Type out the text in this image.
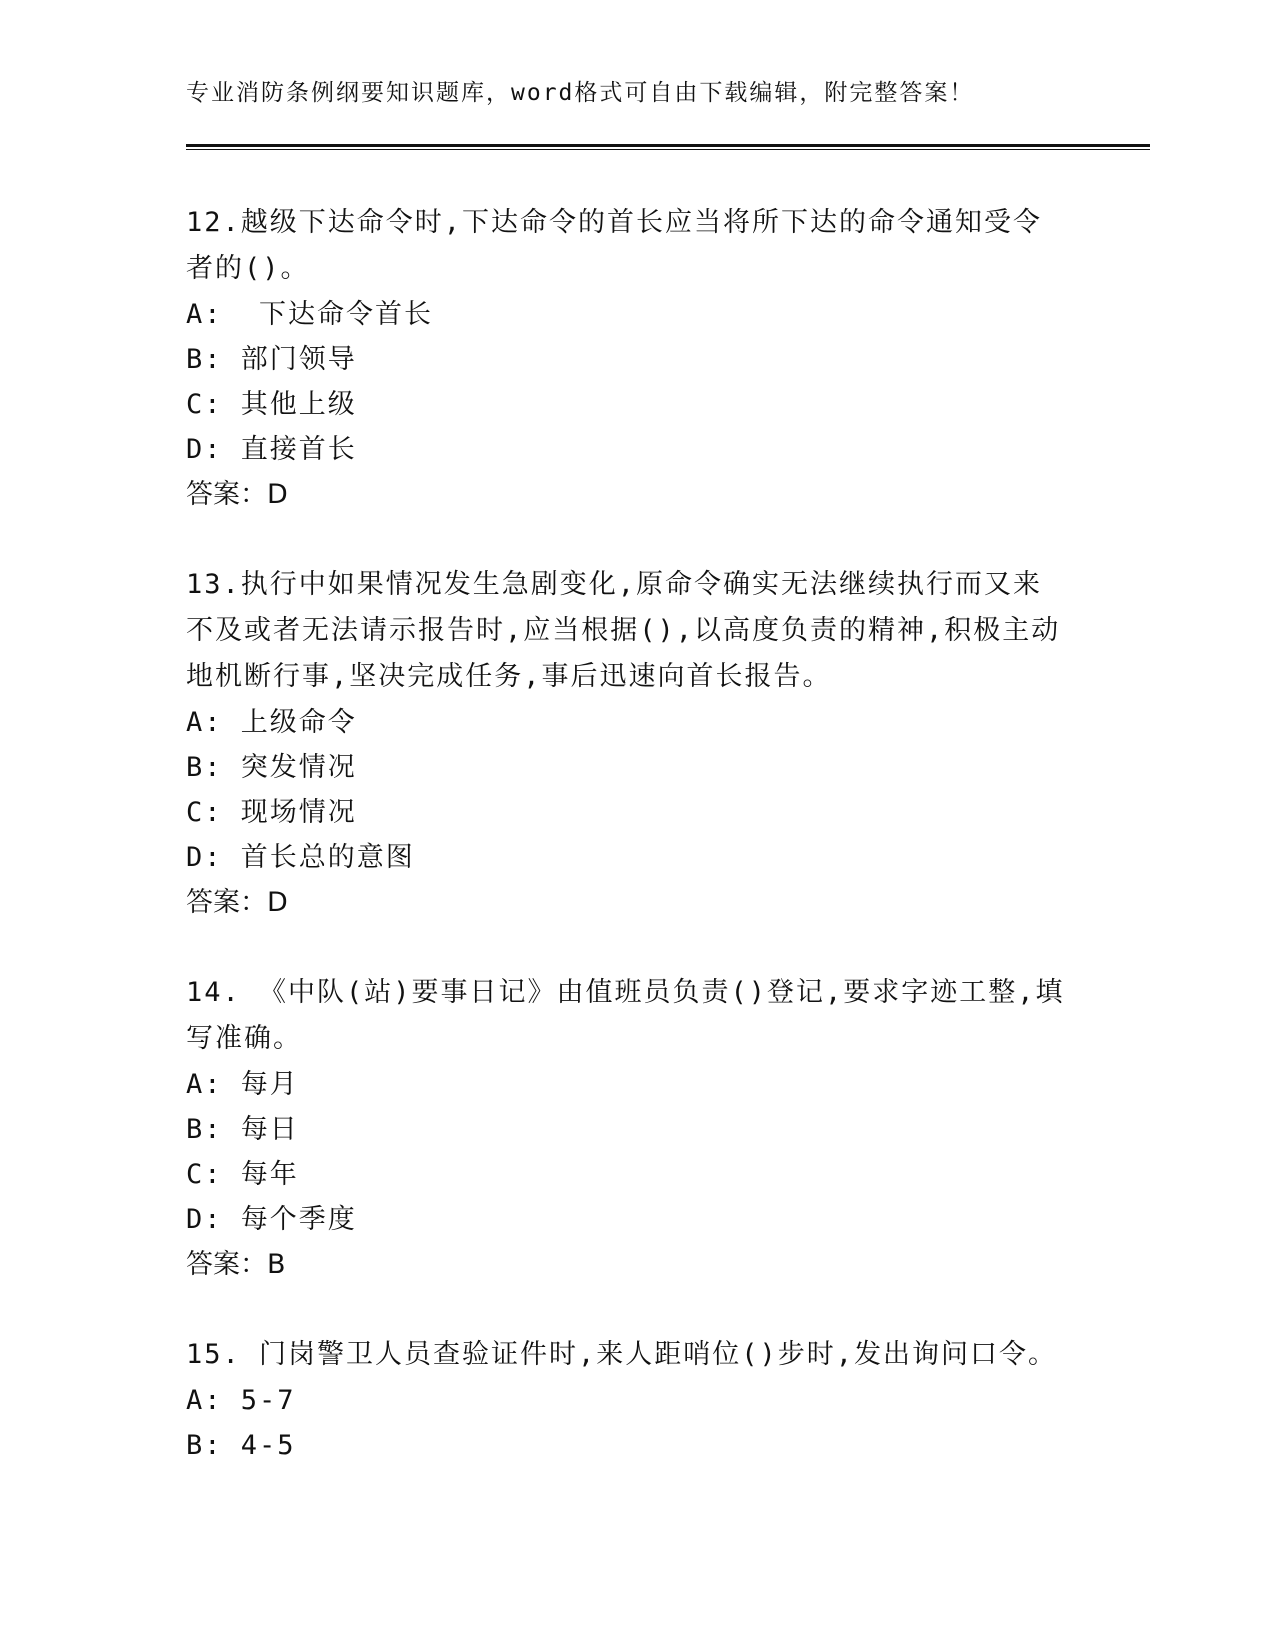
专业消防条例纲要知识题库，word格式可自由下载编辑，附完整答案！

12.越级下达命令时,下达命令的首长应当将所下达的命令通知受令者的()。

A:  下达命令首长

B: 部门领导

C: 其他上级

D: 直接首长

答案：D

13.执行中如果情况发生急剧变化,原命令确实无法继续执行而又来 不及或者无法请示报告时,应当根据(),以高度负责的精神,积极主动地机断行事,坚决完成任务,事后迅速向首长报告。

A: 上级命令

B: 突发情况

C: 现场情况

D: 首长总的意图

答案：D

14. 《中队(站)要事日记》由值班员负责()登记,要求字迹工整,填写准确。

A: 每月

B: 每日

C: 每年

D: 每个季度

答案：B

15. 门岗警卫人员查验证件时,来人距哨位()步时,发出询问口令。

A: 5-7

B: 4-5
